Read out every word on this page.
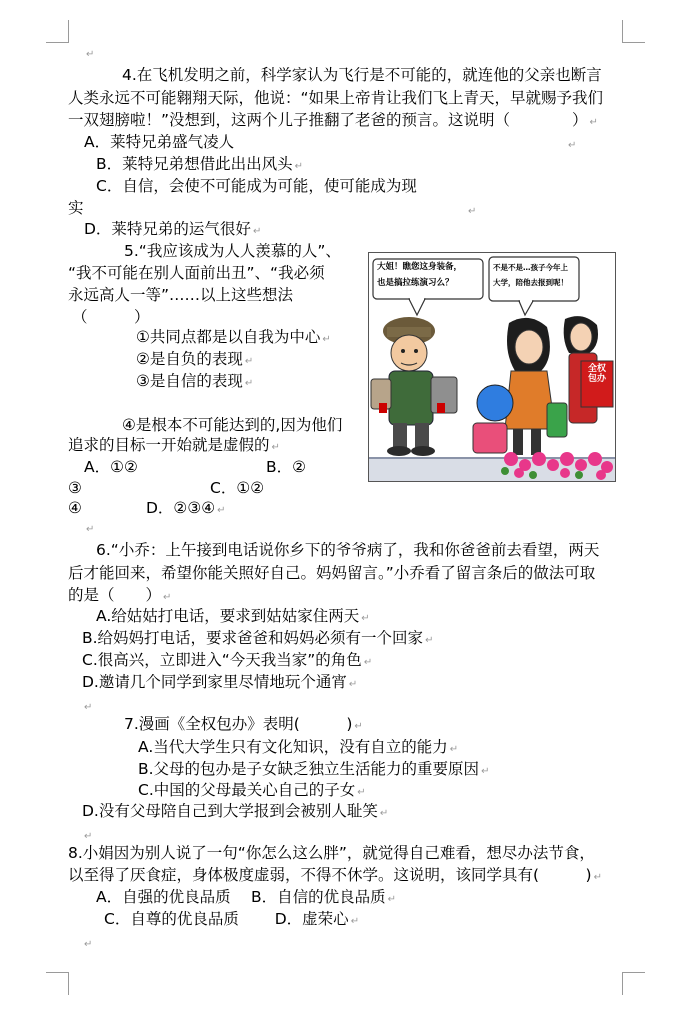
↵
4.在飞机发明之前，科学家认为飞行是不可能的，就连他的父亲也断言
人类永远不可能翱翔天际，他说：“如果上帝肯让我们飞上青天，早就赐予我们
一双翅膀啦！”没想到，这两个儿子推翻了老爸的预言。这说明（　　　　） ↵
A．莱特兄弟盛气凌人	↵
B．莱特兄弟想借此出出风头 ↵
C．自信，会使不可能成为可能，使可能成为现
实	↵
D．莱特兄弟的运气很好 ↵
5.“我应该成为人人羡慕的人”、
“我不可能在别人面前出丑”、“我必须
永远高人一等”……以上这些想法
（　　　）
①共同点都是以自我为中心 ↵
②是自负的表现 ↵
③是自信的表现 ↵
④是根本不可能达到的,因为他们
追求的目标一开始就是虚假的 ↵
A．①②	B．②
③	C．①②
④	D．②③④ ↵
↵
大姐！瞧您这身装备，
也是搞拉练演习么？
不是不是…孩子今年上
大学，陪他去报到呢！
全权包办
6.“小乔：上午接到电话说你乡下的爷爷病了，我和你爸爸前去看望，两天
后才能回来，希望你能关照好自己。妈妈留言。”小乔看了留言条后的做法可取
的是（　　） ↵
A.给姑姑打电话，要求到姑姑家住两天 ↵
B.给妈妈打电话，要求爸爸和妈妈必须有一个回家 ↵
C.很高兴，立即进入“今天我当家”的角色 ↵
D.邀请几个同学到家里尽情地玩个通宵 ↵
↵
7.漫画《全权包办》表明(　　　) ↵
A.当代大学生只有文化知识，没有自立的能力 ↵
B.父母的包办是子女缺乏独立生活能力的重要原因 ↵
C.中国的父母最关心自己的子女 ↵
D.没有父母陪自己到大学报到会被别人耻笑 ↵
↵
8.小娟因为别人说了一句“你怎么这么胖”，就觉得自己难看，想尽办法节食，
以至得了厌食症，身体极度虚弱，不得不休学。这说明，该同学具有(　　　) ↵
A．自强的优良品质　 B．自信的优良品质 ↵
C．自尊的优良品质　　 D．虚荣心 ↵
↵
